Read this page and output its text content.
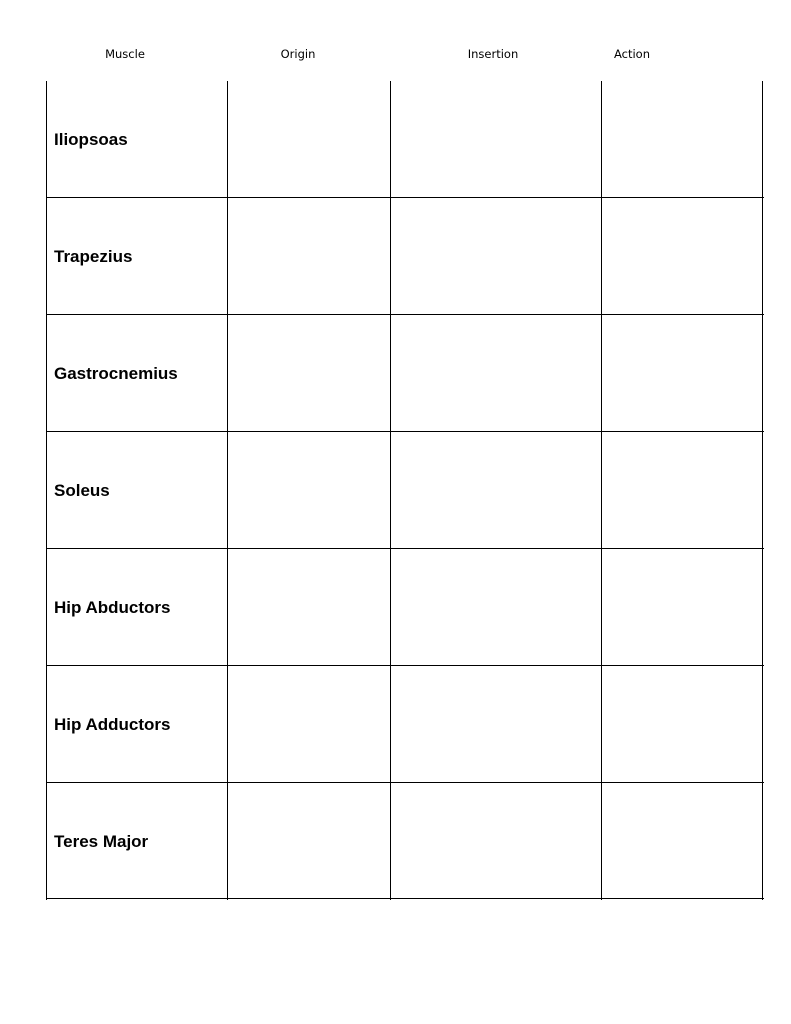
Muscle	Origin	Insertion	Action
Iliopsoas
Trapezius
Gastrocnemius
Soleus
Hip Abductors
Hip Adductors
Teres Major
